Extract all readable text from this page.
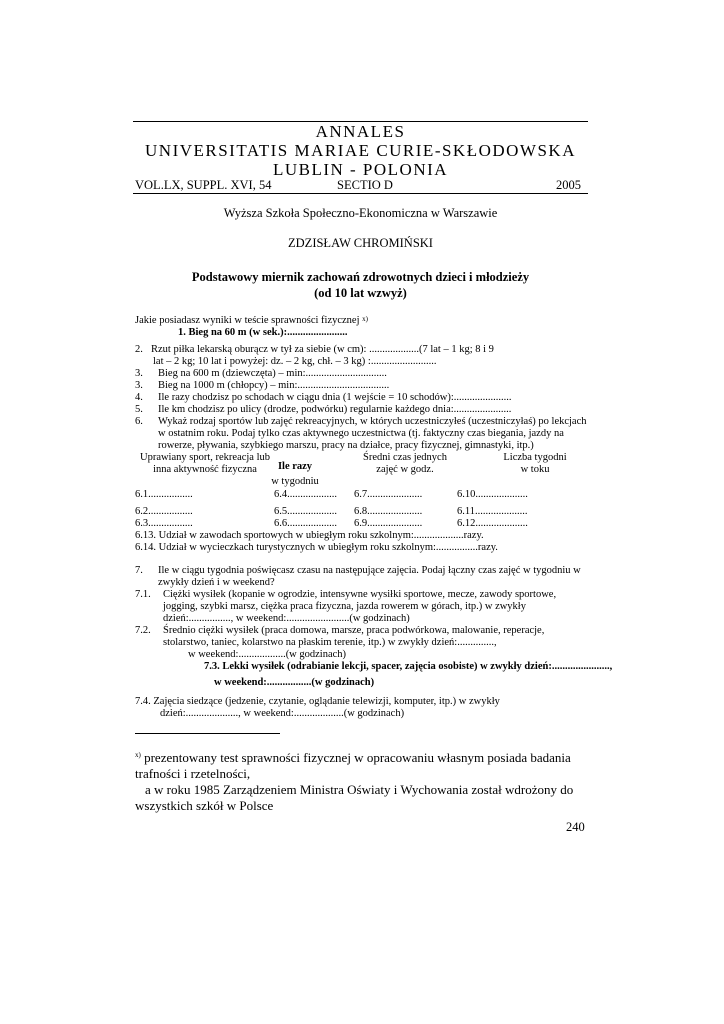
ANNALES
UNIVERSITATIS MARIAE CURIE-SKŁODOWSKA
LUBLIN - POLONIA
VOL.LX, SUPPL. XVI, 54	SECTIO D	2005
Wyższa Szkoła Społeczno-Ekonomiczna w Warszawie
ZDZISŁAW CHROMIŃSKI
Podstawowy miernik zachowań zdrowotnych dzieci i młodzieży
(od 10 lat wzwyż)
Jakie posiadasz wyniki w teście sprawności fizycznej $^{x)}$
1. Bieg na 60 m (w sek.):.......................
2. Rzut piłka lekarską oburącz w tył za siebie (w cm): ...................(7 lat – 1 kg; 8 i 9
lat – 2 kg; 10 lat i powyżej: dz. – 2 kg, chł. – 3 kg) :.........................
3. Bieg na 600 m (dziewczęta) – min:...............................
3. Bieg na 1000 m (chłopcy) – min:...................................
4. Ile razy chodzisz po schodach w ciągu dnia (1 wejście = 10 schodów):......................
5. Ile km chodzisz po ulicy (drodze, podwórku) regularnie każdego dnia:......................
6. Wykaż rodzaj sportów lub zajęć rekreacyjnych, w których uczestniczyłeś (uczestniczyłaś) po lekcjach
w ostatnim roku. Podaj tylko czas aktywnego uczestnictwa (tj. faktyczny czas biegania, jazdy na
rowerze, pływania, szybkiego marszu, pracy na działce, pracy fizycznej, gimnastyki, itp.)
Uprawiany sport, rekreacja lub
inna aktywność fizyczna	Ile razy
w tygodniu
Średni czas jednych
zajęć w godz.
Liczba tygodni
w toku
6.1.................	6.4................... 6.7.....................	6.10....................
6.2.................	6.5................... 6.8.....................	6.11....................
6.3.................	6.6................... 6.9.....................	6.12....................
6.13. Udział w zawodach sportowych w ubiegłym roku szkolnym:...................razy.
6.14. Udział w wycieczkach turystycznych w ubiegłym roku szkolnym:................razy.
7. Ile w ciągu tygodnia poświęcasz czasu na następujące zajęcia. Podaj łączny czas zajęć w tygodniu w
zwykły dzień i w weekend?
7.1. Ciężki wysiłek (kopanie w ogrodzie, intensywne wysiłki sportowe, mecze, zawody sportowe,
jogging, szybki marsz, ciężka praca fizyczna, jazda rowerem w górach, itp.) w zwykły
dzień:................, w weekend:........................(w godzinach)
7.2. Średnio ciężki wysiłek (praca domowa, marsze, praca podwórkowa, malowanie, reperacje,
stolarstwo, taniec, kolarstwo na płaskim terenie, itp.) w zwykły dzień:..............,
w weekend:..................(w godzinach)
7.3. Lekki wysiłek (odrabianie lekcji, spacer, zajęcia osobiste) w zwykły dzień:......................,
w weekend:.................(w godzinach)
7.4. Zajęcia siedzące (jedzenie, czytanie, oglądanie telewizji, komputer, itp.) w zwykły
dzień:...................., w weekend:...................(w godzinach)
$^{x)}$ prezentowany test sprawności fizycznej w opracowaniu własnym posiada badania
trafności i rzetelności,
a w roku 1985 Zarządzeniem Ministra Oświaty i Wychowania został wdrożony do
wszystkich szkół w Polsce
240
